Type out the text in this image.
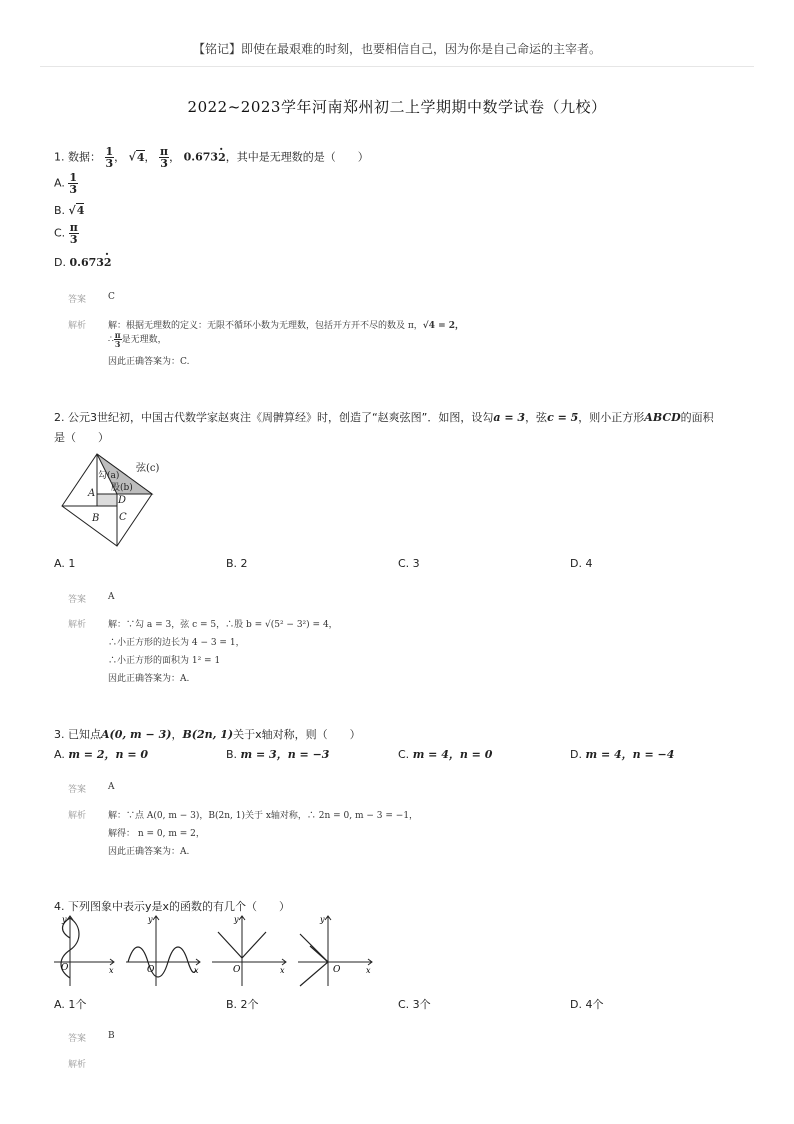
【铭记】即使在最艰难的时刻，也要相信自己，因为你是自己命运的主宰者。
2022~2023学年河南郑州初二上学期期中数学试卷（九校）
1. 数据： $\frac{1}{3}$ ， √4， $\frac{\pi}{3}$ ， 0.673· 2，其中是无理数的是（　　）
A. $\frac{1}{3}$
B. √4
C. $\frac{\pi}{3}$
D. 0.673· 2
答案 C
解析 解：根据无理数的定义：无限不循环小数为无理数，包括开方开不尽的数及 π，√4 = 2，
∴ $\frac{\pi}{3}$ 是无理数，
因此正确答案为：C.
2. 公元3世纪初，中国古代数学家赵爽注《周髀算经》时，创造了“赵爽弦图”．如图，设勾a = 3，弦c = 5，则小正方形ABCD的面积
是（　　）
勾(a)
弦(c)
股(b)
A
D
B C
A. 1	B. 2	C. 3	D. 4
答案 A
解析 解：∵勾 a = 3，弦 c = 5，∴股 b = √(5² − 3²) = 4，
∴小正方形的边长为 4 − 3 = 1，
∴小正方形的面积为 1² = 1
因此正确答案为：A.
3. 已知点A(0, m − 3)，B(2n, 1)关于x轴对称，则（　　）
A. m = 2，n = 0	B. m = 3，n = −3	C. m = 4，n = 0	D. m = 4，n = −4
答案 A
解析 解：∵点 A(0, m − 3)，B(2n, 1)关于 x轴对称，∴ 2n = 0, m − 3 = −1，
解得： n = 0, m = 2，
因此正确答案为：A.
4. 下列图象中表示y是x的函数的有几个（　　）
y
x
O
y
x
O
y
x
O
y
x
O
A. 1个	B. 2个	C. 3个	D. 4个
答案 B
解析
